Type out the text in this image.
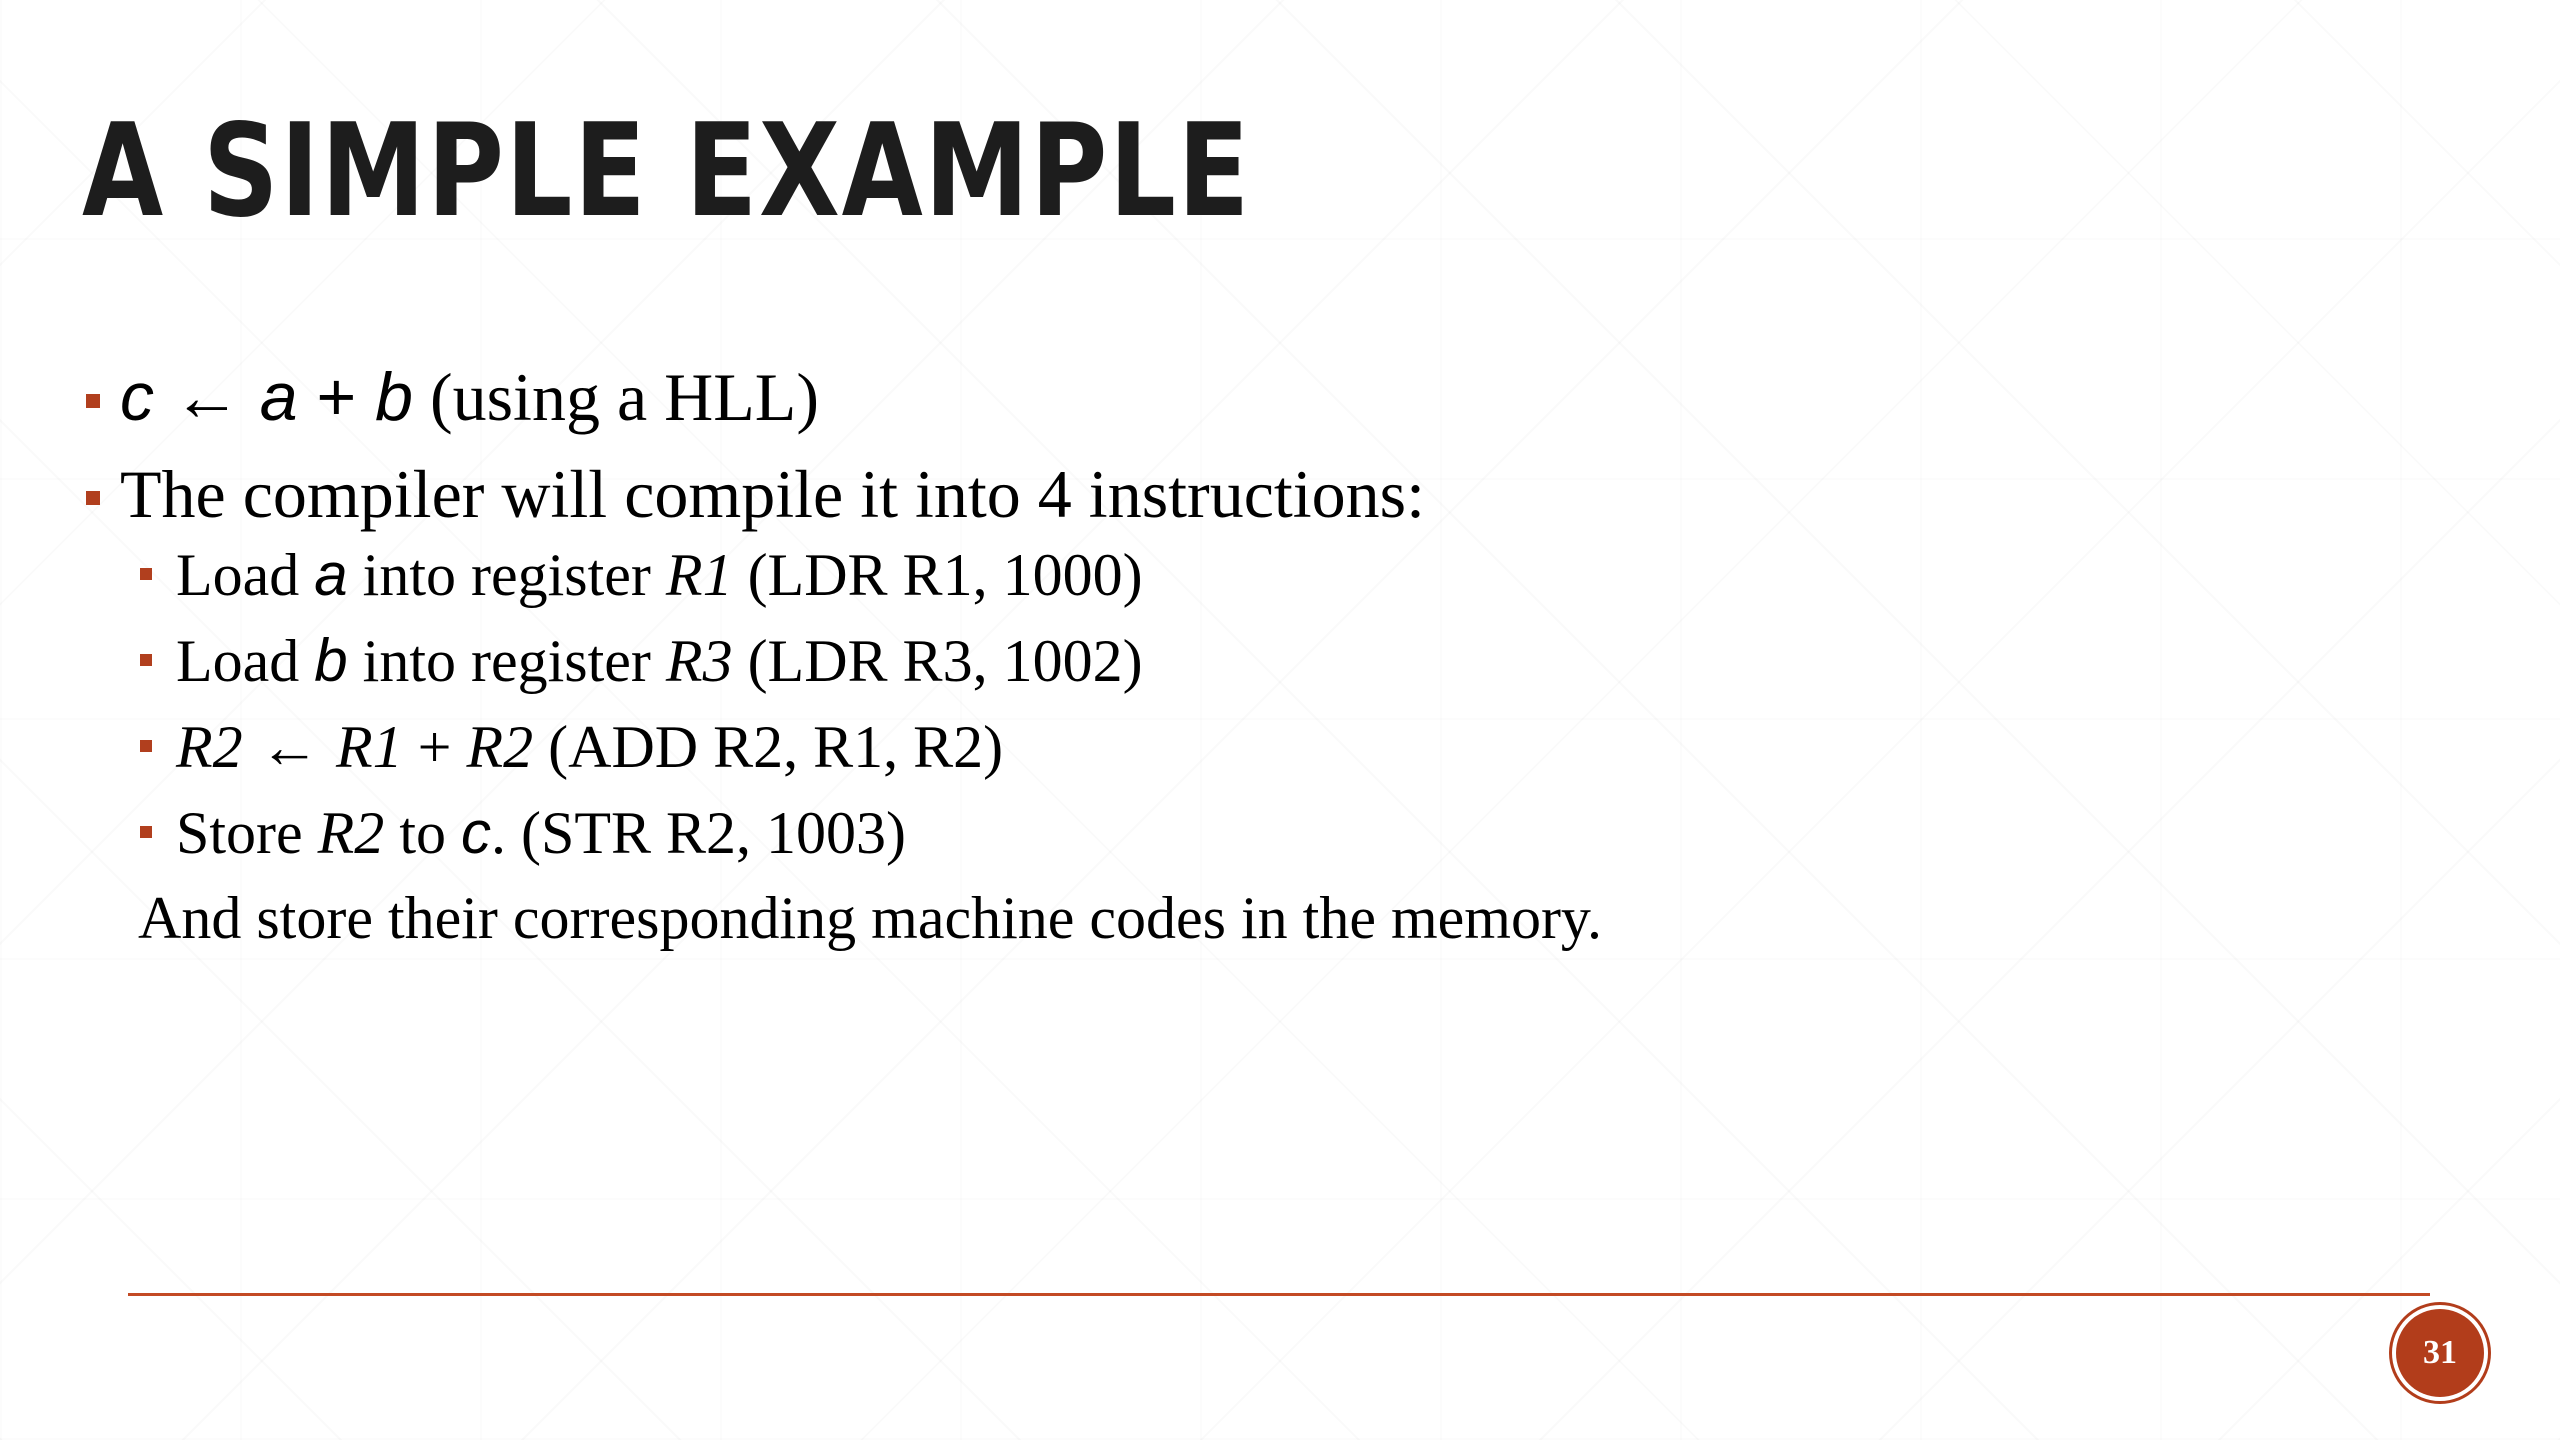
A SIMPLE EXAMPLE
c ← a + b (using a HLL)
The compiler will compile it into 4 instructions:
Load a into register R1 (LDR R1, 1000)
Load b into register R3 (LDR R3, 1002)
R2 ← R1 + R2 (ADD R2, R1, R2)
Store R2 to c. (STR R2, 1003)
And store their corresponding machine codes in the memory.
31
